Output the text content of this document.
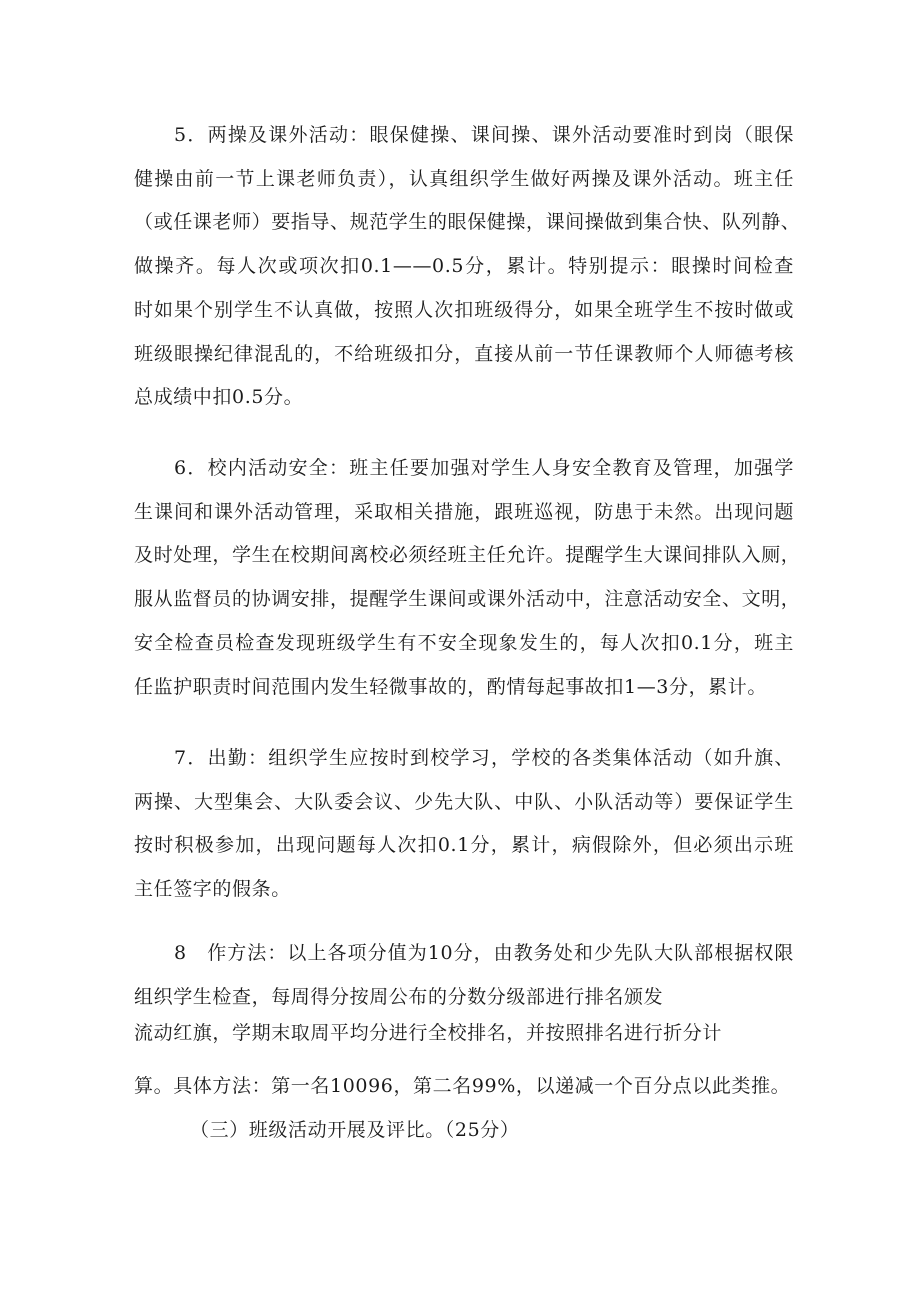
5．两操及课外活动：眼保健操、课间操、课外活动要准时到岗（眼保
健操由前一节上课老师负责），认真组织学生做好两操及课外活动。班主任
（或任课老师）要指导、规范学生的眼保健操，课间操做到集合快、队列静、
做操齐。每人次或项次扣0.1——0.5分，累计。特别提示：眼操时间检查
时如果个别学生不认真做，按照人次扣班级得分，如果全班学生不按时做或
班级眼操纪律混乱的，不给班级扣分，直接从前一节任课教师个人师德考核
总成绩中扣0.5分。
6．校内活动安全：班主任要加强对学生人身安全教育及管理，加强学
生课间和课外活动管理，采取相关措施，跟班巡视，防患于未然。出现问题
及时处理，学生在校期间离校必须经班主任允许。提醒学生大课间排队入厕，
服从监督员的协调安排，提醒学生课间或课外活动中，注意活动安全、文明，
安全检查员检查发现班级学生有不安全现象发生的，每人次扣0.1分，班主
任监护职责时间范围内发生轻微事故的，酌情每起事故扣1—3分，累计。
7．出勤：组织学生应按时到校学习，学校的各类集体活动（如升旗、
两操、大型集会、大队委会议、少先大队、中队、小队活动等）要保证学生
按时积极参加，出现问题每人次扣0.1分，累计，病假除外，但必须出示班
主任签字的假条。
8　作方法：以上各项分值为10分，由教务处和少先队大队部根据权限
组织学生检查，每周得分按周公布的分数分级部进行排名颁发
流动红旗，学期末取周平均分进行全校排名，并按照排名进行折分计
算。具体方法：第一名10096，第二名99%，以递减一个百分点以此类推。
（三）班级活动开展及评比。（25分）
